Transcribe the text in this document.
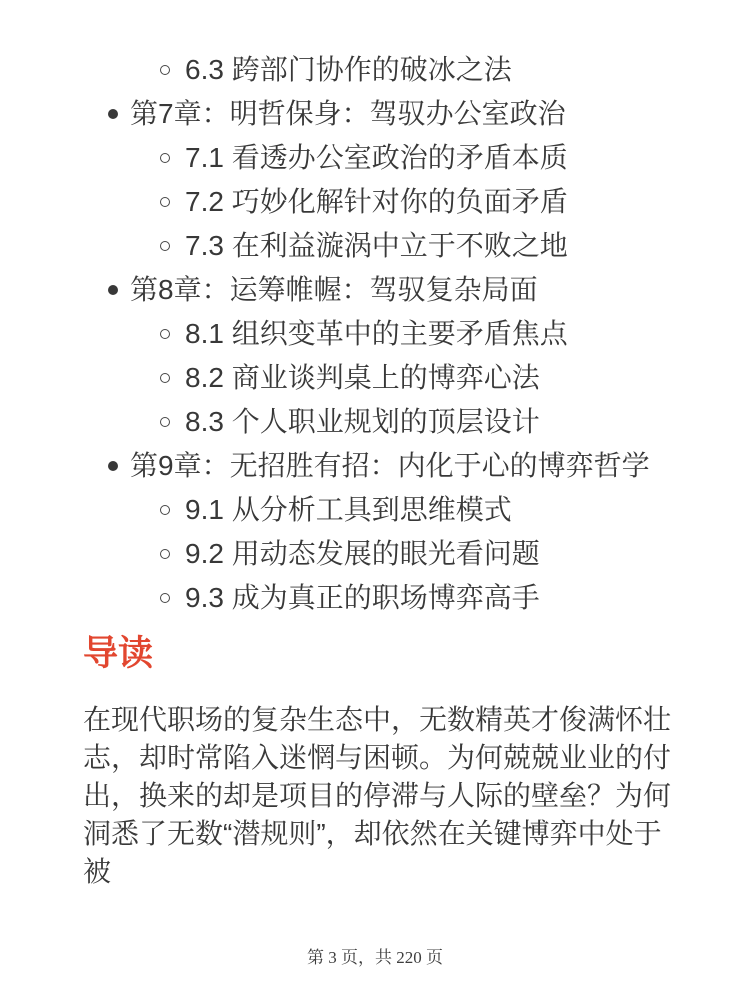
6.3 跨部门协作的破冰之法
第7章：明哲保身：驾驭办公室政治
7.1 看透办公室政治的矛盾本质
7.2 巧妙化解针对你的负面矛盾
7.3 在利益漩涡中立于不败之地
第8章：运筹帷幄：驾驭复杂局面
8.1 组织变革中的主要矛盾焦点
8.2 商业谈判桌上的博弈心法
8.3 个人职业规划的顶层设计
第9章：无招胜有招：内化于心的博弈哲学
9.1 从分析工具到思维模式
9.2 用动态发展的眼光看问题
9.3 成为真正的职场博弈高手
导读

在现代职场的复杂生态中，无数精英才俊满怀壮志，却时常陷入迷惘与困顿。为何兢兢业业的付出，换来的却是项目的停滞与人际的壁垒？为何洞悉了无数“潜规则”，却依然在关键博弈中处于被

第 3 页，共 220 页
